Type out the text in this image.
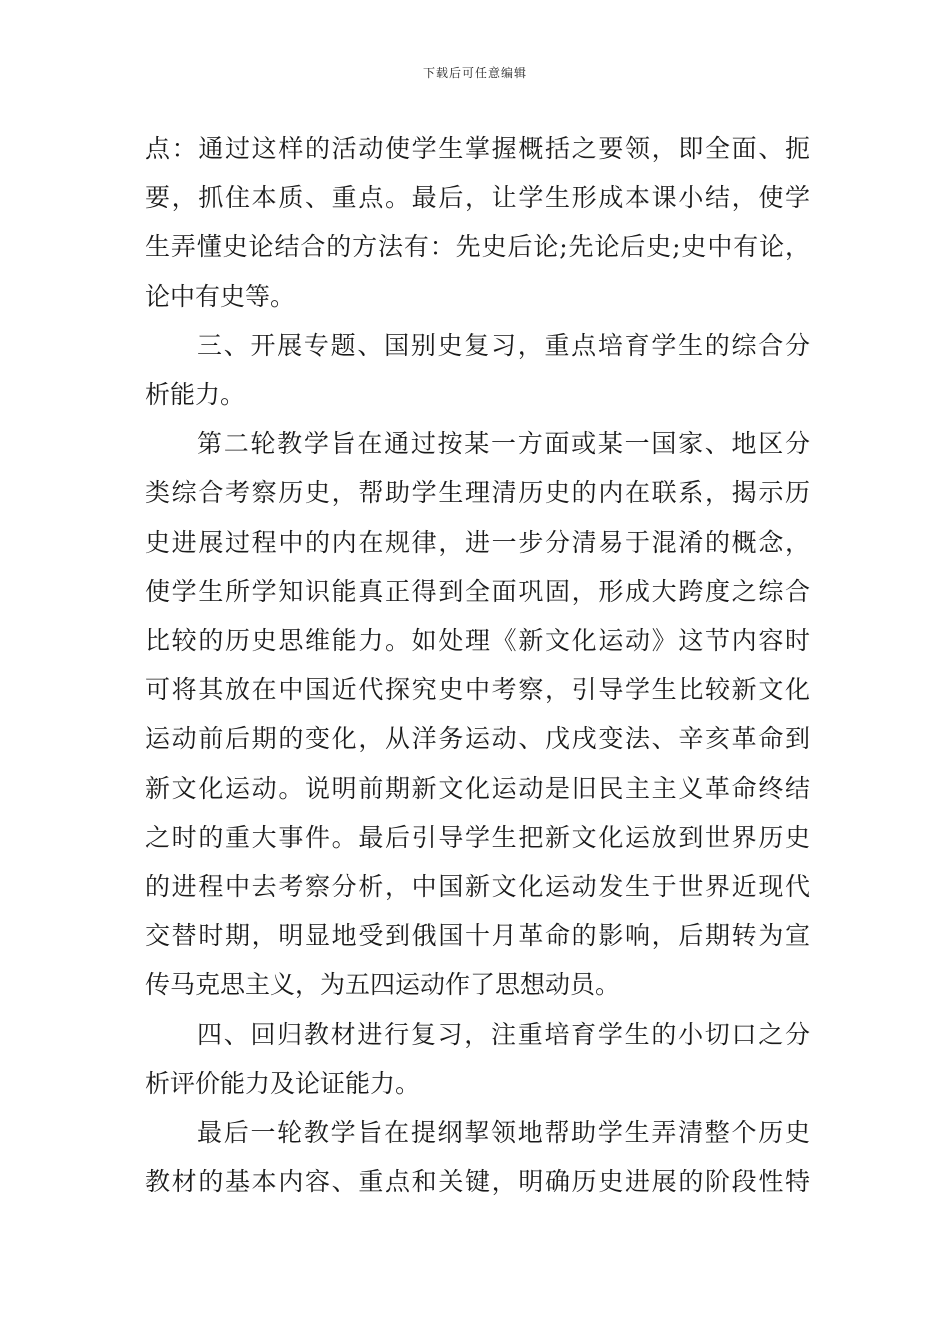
下载后可任意编辑
点：通过这样的活动使学生掌握概括之要领，即全面、扼
要，抓住本质、重点。最后，让学生形成本课小结，使学
生弄懂史论结合的方法有：先史后论;先论后史;史中有论，
论中有史等。
三、开展专题、国别史复习，重点培育学生的综合分
析能力。
第二轮教学旨在通过按某一方面或某一国家、地区分
类综合考察历史，帮助学生理清历史的内在联系，揭示历
史进展过程中的内在规律，进一步分清易于混淆的概念，
使学生所学知识能真正得到全面巩固，形成大跨度之综合
比较的历史思维能力。如处理《新文化运动》这节内容时
可将其放在中国近代探究史中考察，引导学生比较新文化
运动前后期的变化，从洋务运动、戊戌变法、辛亥革命到
新文化运动。说明前期新文化运动是旧民主主义革命终结
之时的重大事件。最后引导学生把新文化运放到世界历史
的进程中去考察分析，中国新文化运动发生于世界近现代
交替时期，明显地受到俄国十月革命的影响，后期转为宣
传马克思主义，为五四运动作了思想动员。
四、回归教材进行复习，注重培育学生的小切口之分
析评价能力及论证能力。
最后一轮教学旨在提纲挈领地帮助学生弄清整个历史
教材的基本内容、重点和关键，明确历史进展的阶段性特
